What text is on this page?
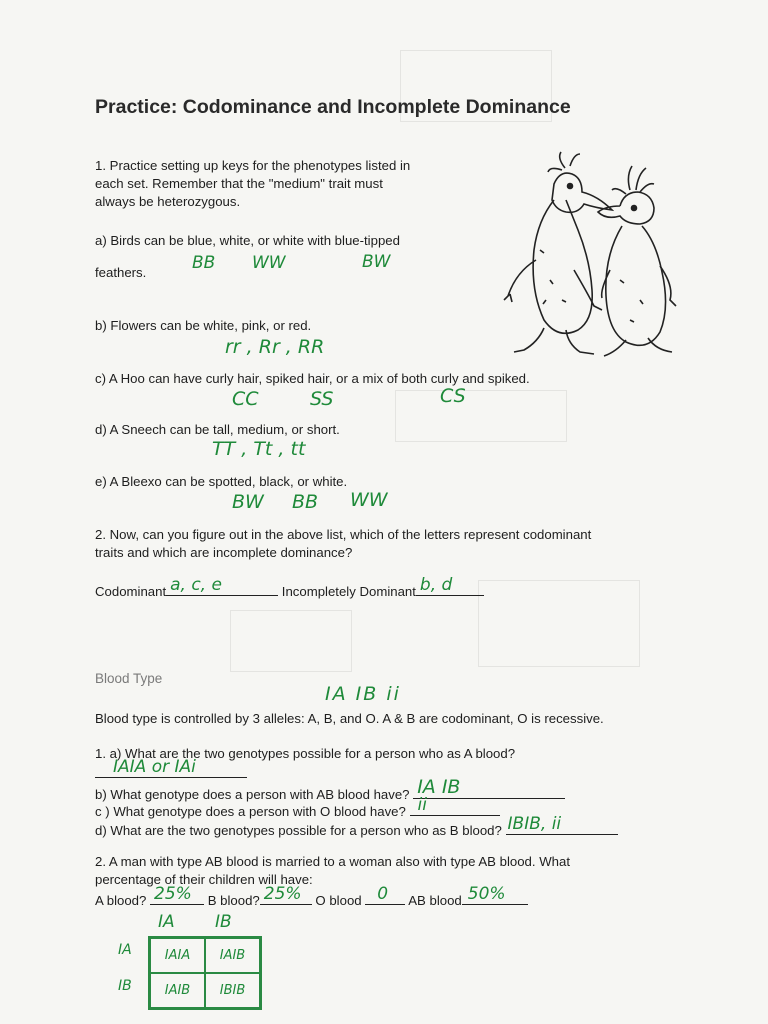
Practice: Codominance and Incomplete Dominance
1. Practice setting up keys for the phenotypes listed in
each set. Remember that the "medium" trait must
always be heterozygous.
a) Birds can be blue, white, or white with blue-tipped
feathers.	BB WW	BW
b) Flowers can be white, pink, or red.
rr , Rr , RR
c) A Hoo can have curly hair, spiked hair, or a mix of both curly and spiked.
CC	SS	CS
d) A Sneech can be tall, medium, or short.
TT , Tt , tt
e) A Bleexo can be spotted, black, or white.
BW BB WW
2. Now, can you figure out in the above list, which of the letters represent codominant
traits and which are incomplete dominance?
Codominant a, c, e	Incompletely Dominant b, d
Blood Type
IA IB ii
Blood type is controlled by 3 alleles: A, B, and O. A & B are codominant, O is recessive.
1. a) What are the two genotypes possible for a person who as A blood?
IAIA or IAi
b) What genotype does a person with AB blood have? IA IB
c ) What genotype does a person with O blood have? ii
d) What are the two genotypes possible for a person who as B blood? IBIB, ii
2. A man with type AB blood is married to a woman also with type AB blood. What
percentage of their children will have:
A blood? 25% B blood? 25% O blood 0 AB blood 50%
IA IB
IA
IB
IAIA	IAIB
IAIB	IBIB
